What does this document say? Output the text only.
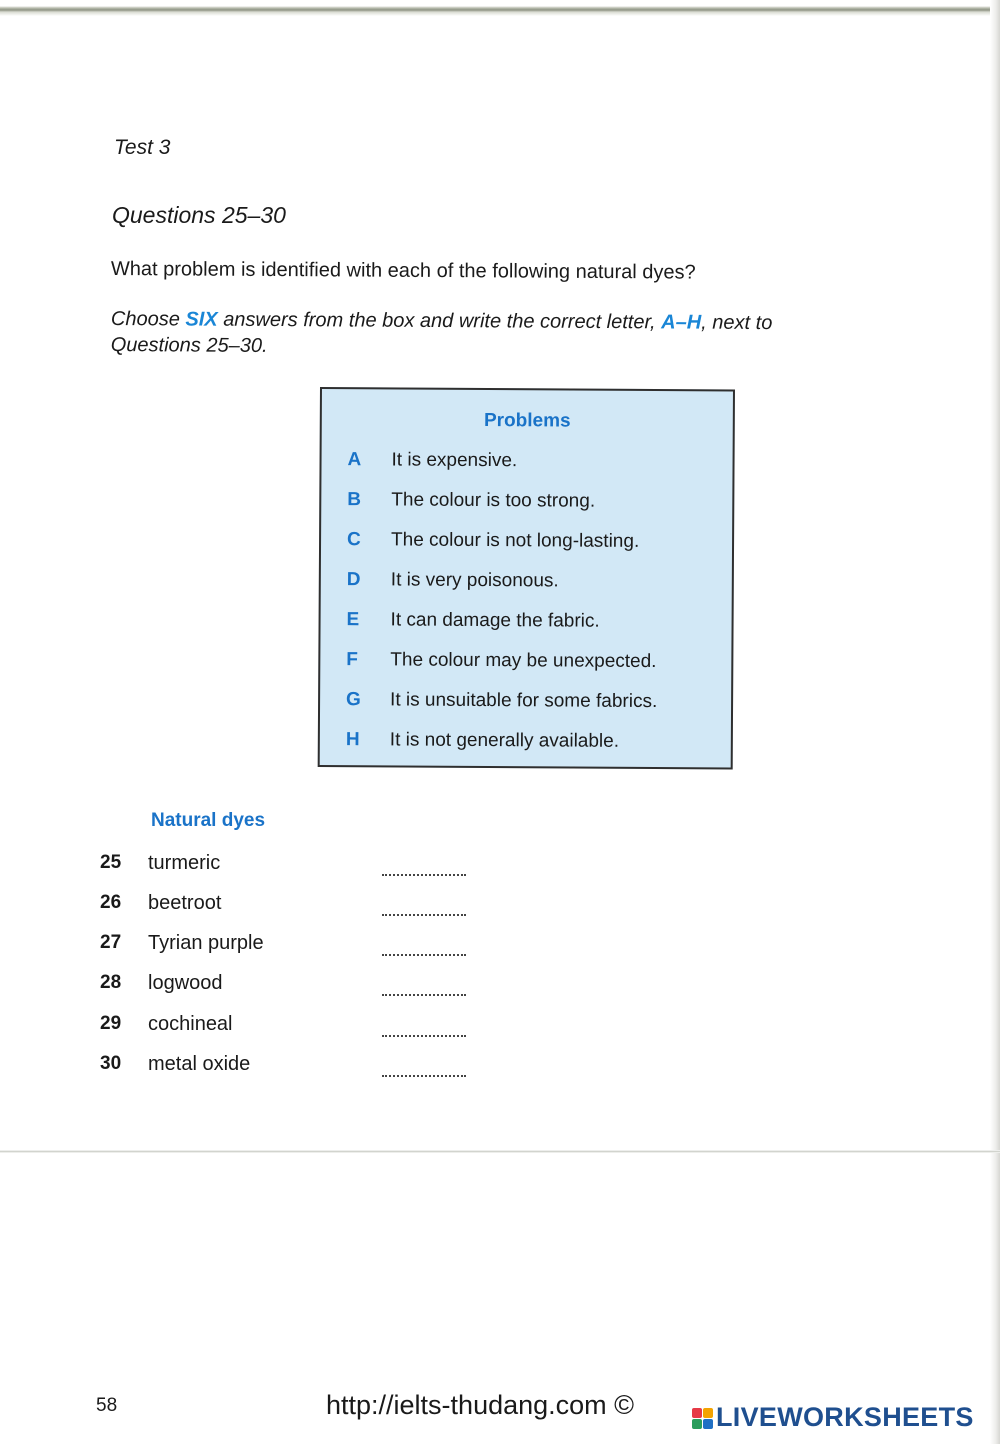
Test 3
Questions 25–30
What problem is identified with each of the following natural dyes?
Choose SIX answers from the box and write the correct letter, A–H, next to Questions 25–30.
Problems
A	It is expensive.
B	The colour is too strong.
C	The colour is not long-lasting.
D	It is very poisonous.
E	It can damage the fabric.
F	The colour may be unexpected.
G	It is unsuitable for some fabrics.
H	It is not generally available.
Natural dyes
25	turmeric
26	beetroot
27	Tyrian purple
28	logwood
29	cochineal
30	metal oxide
58	http://ielts-thudang.com ©	LIVEWORKSHEETS
